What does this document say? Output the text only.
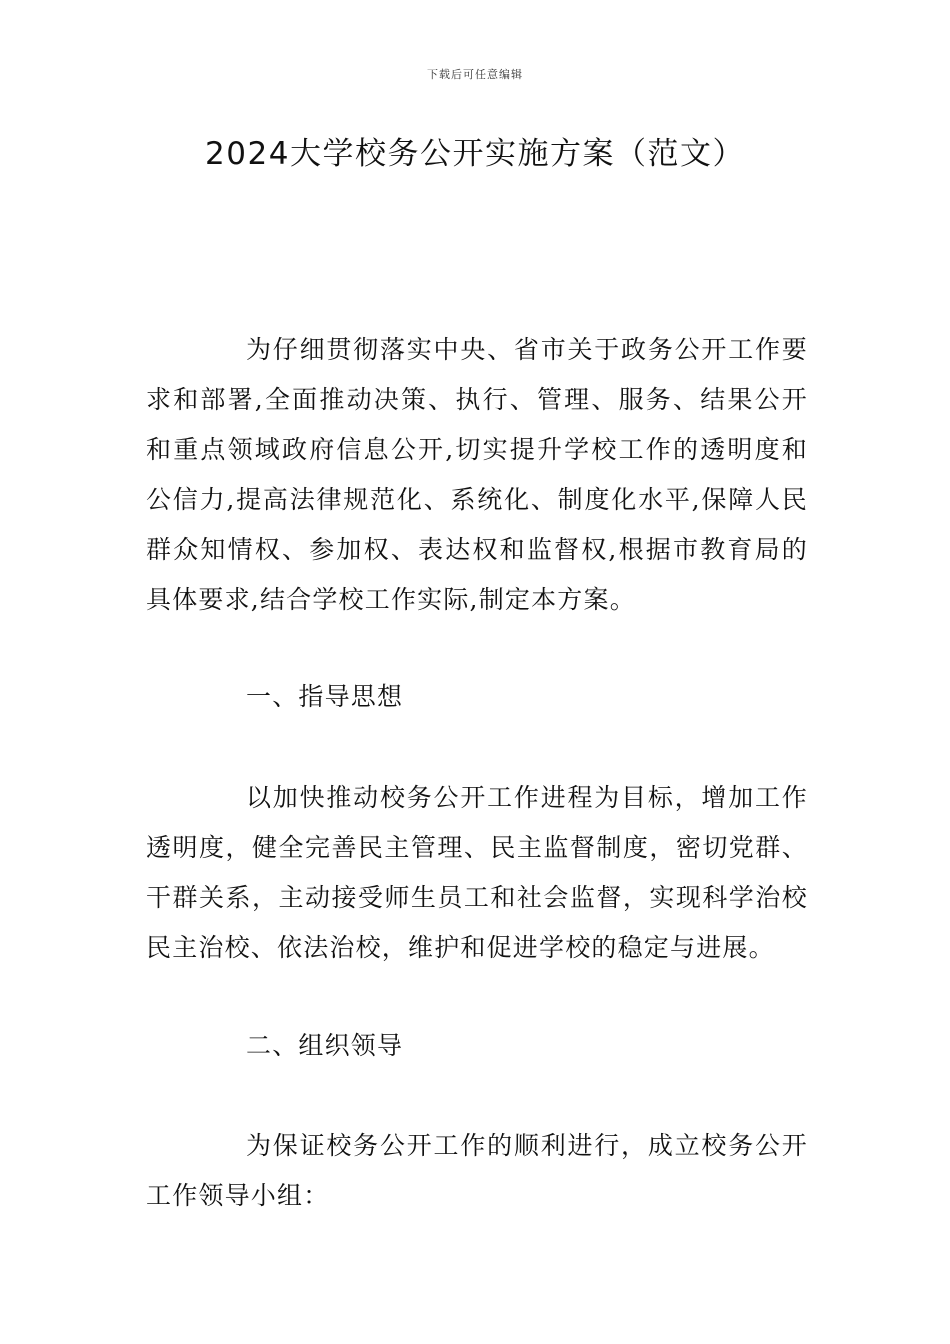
下载后可任意编辑
2024大学校务公开实施方案（范文）

为仔细贯彻落实中央、省市关于政务公开工作要求和部署,全面推动决策、执行、管理、服务、结果公开和重点领域政府信息公开,切实提升学校工作的透明度和公信力,提高法律规范化、系统化、制度化水平,保障人民群众知情权、参加权、表达权和监督权,根据市教育局的具体要求,结合学校工作实际,制定本方案。

一、指导思想

以加快推动校务公开工作进程为目标，增加工作透明度，健全完善民主管理、民主监督制度，密切党群、干群关系，主动接受师生员工和社会监督，实现科学治校民主治校、依法治校，维护和促进学校的稳定与进展。

二、组织领导

为保证校务公开工作的顺利进行，成立校务公开工作领导小组：
